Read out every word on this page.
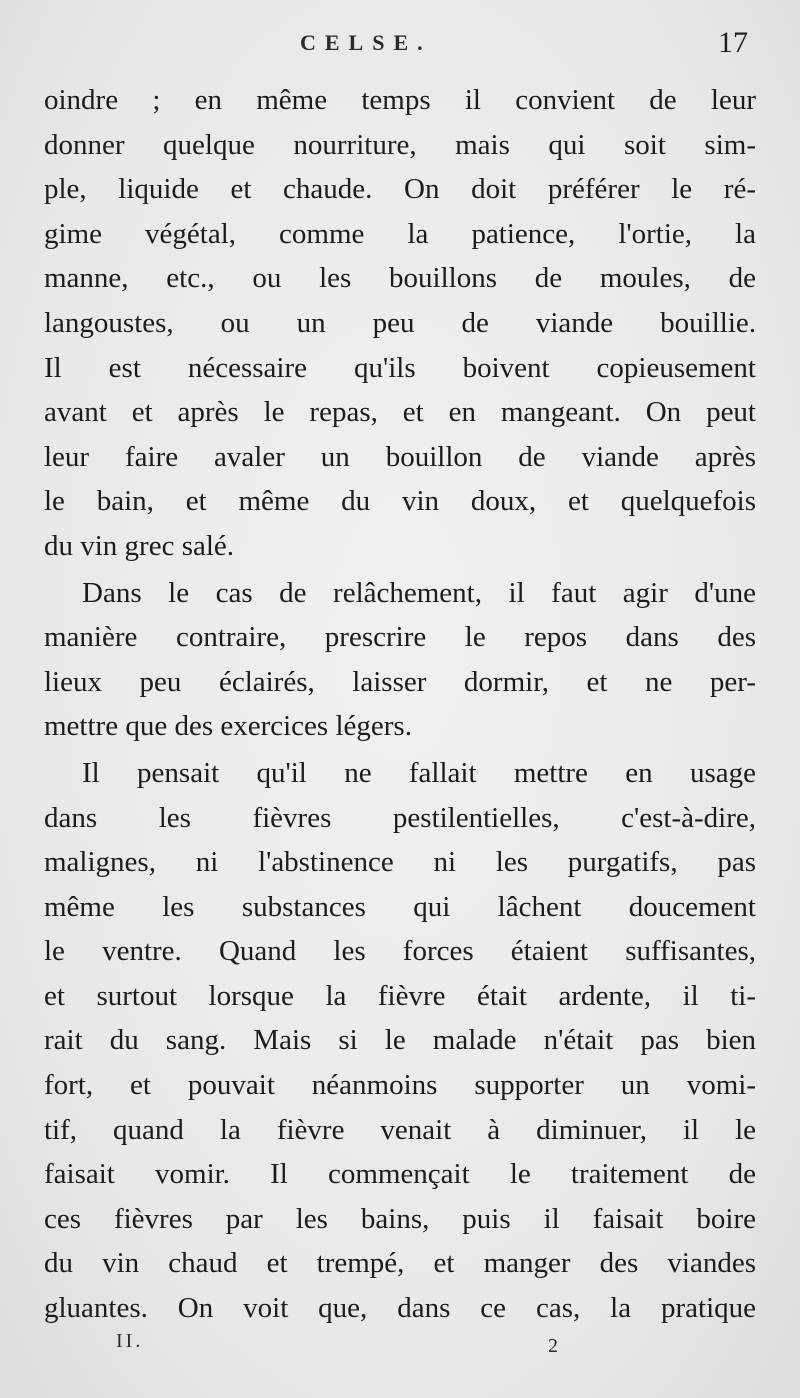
CELSE.	17
oindre ; en même temps il convient de leur
donner quelque nourriture, mais qui soit sim-
ple, liquide et chaude. On doit préférer le ré-
gime végétal, comme la patience, l'ortie, la
manne, etc., ou les bouillons de moules, de
langoustes, ou un peu de viande bouillie.
Il est nécessaire qu'ils boivent copieusement
avant et après le repas, et en mangeant. On peut
leur faire avaler un bouillon de viande après
le bain, et même du vin doux, et quelquefois
du vin grec salé.
Dans le cas de relâchement, il faut agir d'une
manière contraire, prescrire le repos dans des
lieux peu éclairés, laisser dormir, et ne per-
mettre que des exercices légers.
Il pensait qu'il ne fallait mettre en usage
dans les fièvres pestilentielles, c'est-à-dire,
malignes, ni l'abstinence ni les purgatifs, pas
même les substances qui lâchent doucement
le ventre. Quand les forces étaient suffisantes,
et surtout lorsque la fièvre était ardente, il ti-
rait du sang. Mais si le malade n'était pas bien
fort, et pouvait néanmoins supporter un vomi-
tif, quand la fièvre venait à diminuer, il le
faisait vomir. Il commençait le traitement de
ces fièvres par les bains, puis il faisait boire
du vin chaud et trempé, et manger des viandes
gluantes. On voit que, dans ce cas, la pratique
II.	2
